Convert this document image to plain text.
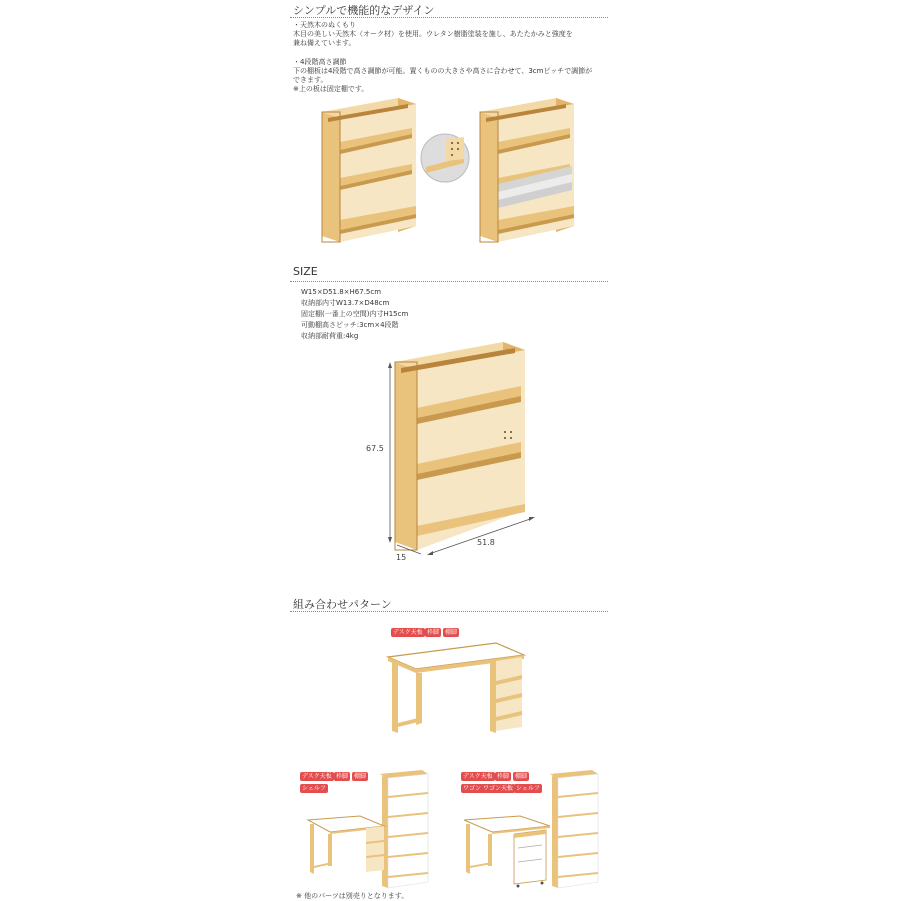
シンプルで機能的なデザイン
・天然木のぬくもり
木目の美しい天然木（オーク材）を使用。ウレタン樹脂塗装を施し、あたたかみと強度を
兼ね備えています。
・4段階高さ調節
下の棚板は4段階で高さ調節が可能。置くものの大きさや高さに合わせて、3cmピッチで調節が
できます。
※上の板は固定棚です。
SIZE
W15×D51.8×H67.5cm
収納部内寸W13.7×D48cm
固定棚(一番上の空間)内寸H15cm
可動棚高さピッチ:3cm×4段階
収納部耐荷重:4kg
67.5
51.8
15
組み合わせパターン
デスク天板 枠脚 棚脚
デスク天板 枠脚 棚脚
シェルフ
デスク天板 枠脚 棚脚
ワゴン ワゴン天板 シェルフ
※ 他のパーツは別売りとなります。
